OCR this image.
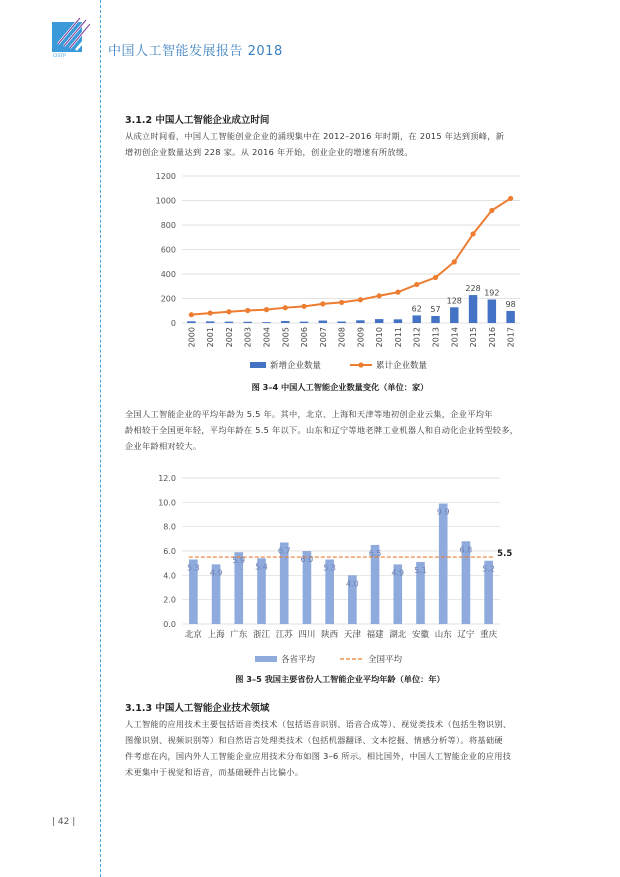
CISTP	中国人工智能发展报告 2018
3.1.2 中国人工智能企业成立时间
从成立时间看，中国人工智能创业企业的涌现集中在 2012–2016 年时期，在 2015 年达到顶峰，新
增初创企业数量达到 228 家。从 2016 年开始，创业企业的增速有所放缓。
0
200
400
600
800
1000
1200
62 57
128
228 192
98
2000 2001 2002 2003 2004 2005 2006 2007 2008 2009 2010 2011 2012 2013 2014 2015 2016 2017
新增企业数量	累计企业数量
图 3–4 中国人工智能企业数量变化（单位：家）
全国人工智能企业的平均年龄为 5.5 年。其中，北京、上海和天津等地初创企业云集，企业平均年
龄相较于全国更年轻，平均年龄在 5.5 年以下。山东和辽宁等地老牌工业机器人和自动化企业转型较多，
企业年龄相对较大。
0.0
2.0
4.0
6.0
8.0
10.0
12.0
5.5
5.3
4.9
5.9
5.4
6.7
6.0
5.3
4.0
6.5
4.9 5.1
9.9
6.8
5.2
北京 上海 广东 浙江 江苏 四川 陕西 天津 福建 湖北 安徽 山东 辽宁 重庆
各省平均	全国平均
图 3–5 我国主要省份人工智能企业平均年龄（单位：年）
3.1.3 中国人工智能企业技术领域
人工智能的应用技术主要包括语音类技术（包括语音识别、语音合成等）、视觉类技术（包括生物识别、
图像识别、视频识别等）和自然语言处理类技术（包括机器翻译、文本挖掘、情感分析等）。将基础硬
件考虑在内，国内外人工智能企业应用技术分布如图 3–6 所示。相比国外，中国人工智能企业的应用技
术更集中于视觉和语音，而基础硬件占比偏小。
| 42 |
